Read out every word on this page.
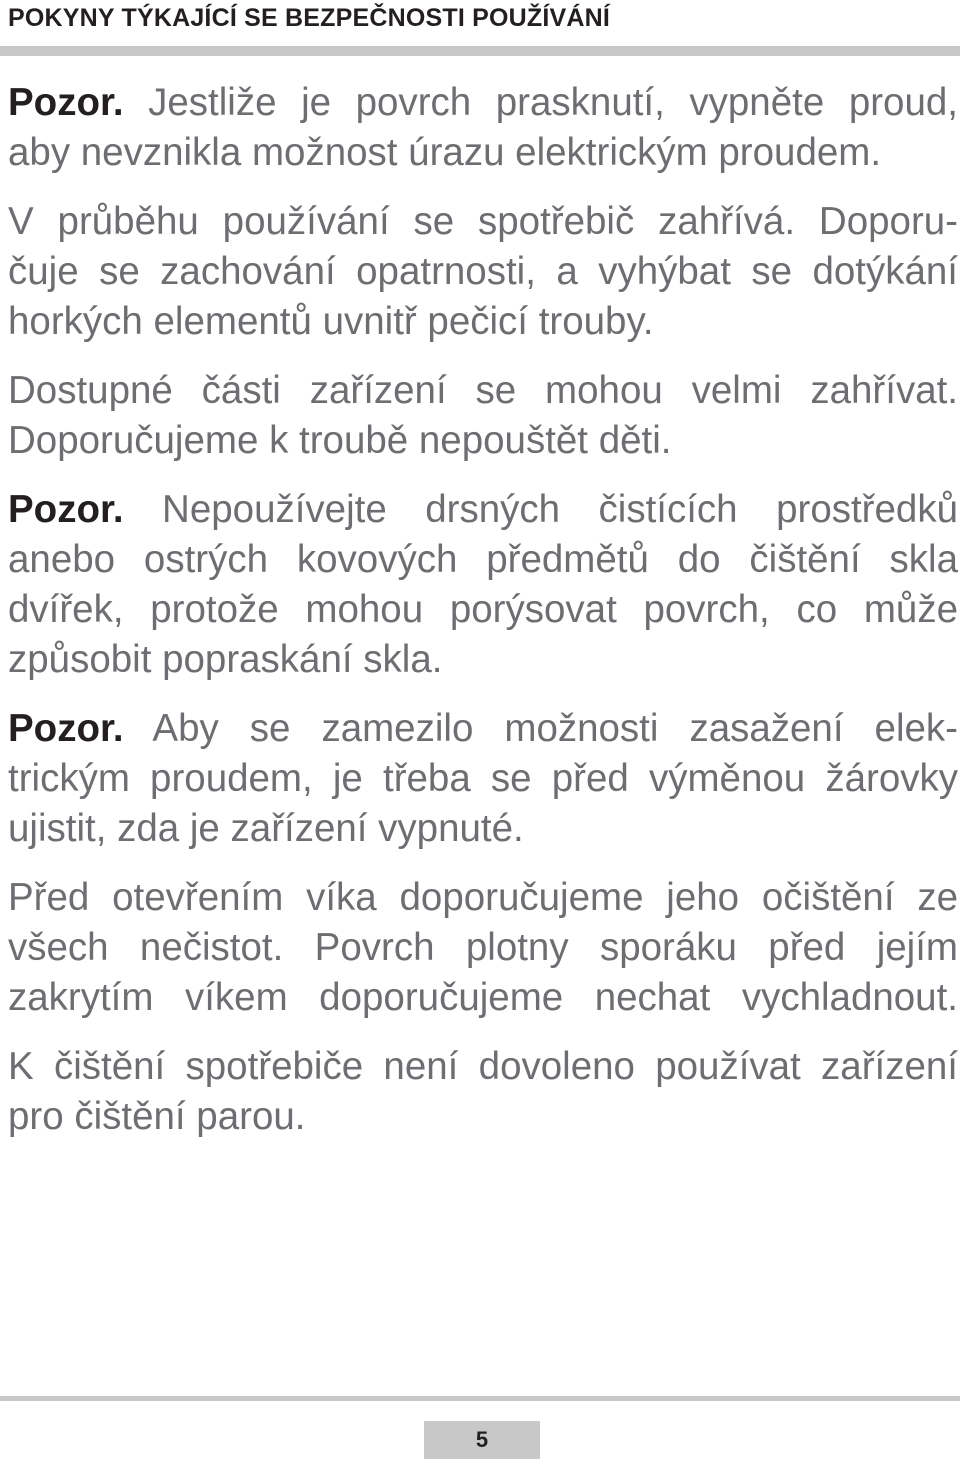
POKYNY TÝKAJÍCÍ SE BEZPEČNOSTI POUŽÍVÁNÍ

Pozor. Jestliže je povrch prasknutí, vypněte proud,
aby nevznikla možnost úrazu elektrickým proudem.

V průběhu používání se spotřebič zahřívá. Doporu-
čuje se zachování opatrnosti, a vyhýbat se dotýkání
horkých elementů uvnitř pečicí trouby.

Dostupné části zařízení se mohou velmi zahřívat.
Doporučujeme k troubě nepouštět děti.

Pozor. Nepoužívejte drsných čistících prostředků
anebo ostrých kovových předmětů do čištění skla
dvířek, protože mohou porýsovat povrch, co může
způsobit popraskání skla.

Pozor. Aby se zamezilo možnosti zasažení elek-
trickým proudem, je třeba se před výměnou žárovky
ujistit, zda je zařízení vypnuté.

Před otevřením víka doporučujeme jeho očištění ze
všech nečistot. Povrch plotny sporáku před jejím
zakrytím víkem doporučujeme nechat vychladnout.

K čištění spotřebiče není dovoleno používat zařízení
pro čištění parou.

5
